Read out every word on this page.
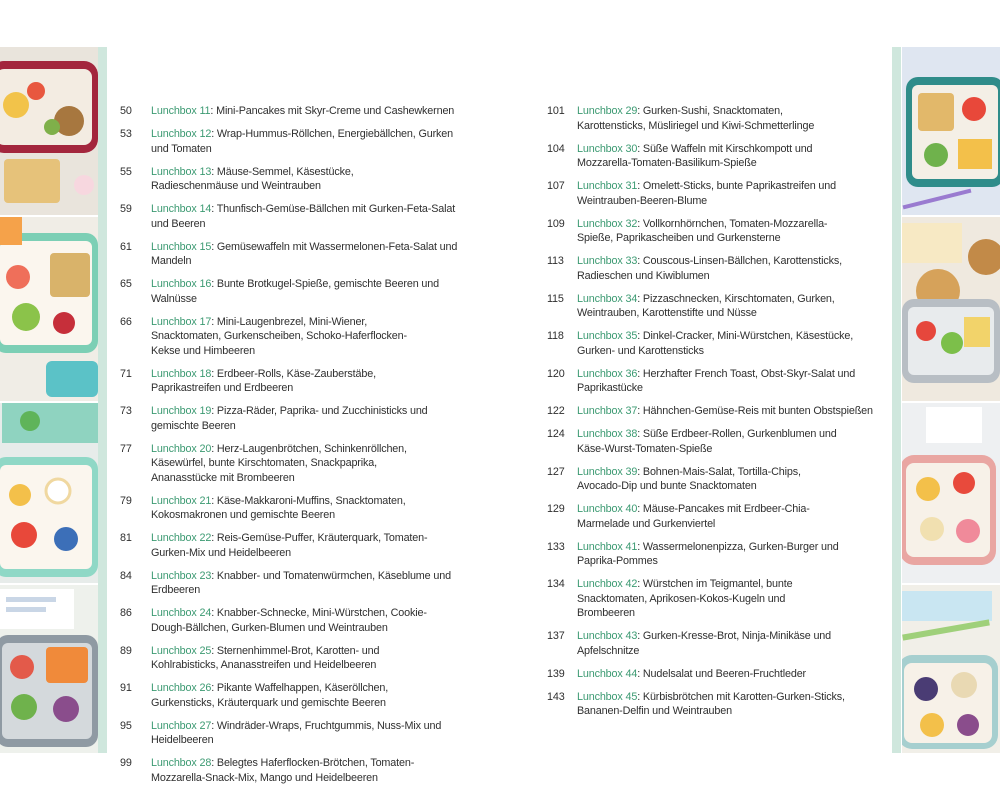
50	Lunchbox 11: Mini-Pancakes mit Skyr-Creme und Cashewkernen
53	Lunchbox 12: Wrap-Hummus-Röllchen, Energiebällchen, Gurken und Tomaten
55	Lunchbox 13: Mäuse-Semmel, Käsestücke, Radieschenmäuse und Weintrauben
59	Lunchbox 14: Thunfisch-Gemüse-Bällchen mit Gurken-Feta-Salat und Beeren
61	Lunchbox 15: Gemüsewaffeln mit Wassermelonen-Feta-Salat und Mandeln
65	Lunchbox 16: Bunte Brotkugel-Spieße, gemischte Beeren und Walnüsse
66	Lunchbox 17: Mini-Laugenbrezel, Mini-Wiener, Snacktomaten, Gurkenscheiben, Schoko-Haferflocken-Kekse und Himbeeren
71	Lunchbox 18: Erdbeer-Rolls, Käse-Zauberstäbe, Paprikastreifen und Erdbeeren
73	Lunchbox 19: Pizza-Räder, Paprika- und Zucchinisticks und gemischte Beeren
77	Lunchbox 20: Herz-Laugenbrötchen, Schinkenröllchen, Käsewürfel, bunte Kirschtomaten, Snackpaprika, Ananasstücke mit Brombeeren
79	Lunchbox 21: Käse-Makkaroni-Muffins, Snacktomaten, Kokosmakronen und gemischte Beeren
81	Lunchbox 22: Reis-Gemüse-Puffer, Kräuterquark, Tomaten-Gurken-Mix und Heidelbeeren
84	Lunchbox 23: Knabber- und Tomatenwürmchen, Käseblume und Erdbeeren
86	Lunchbox 24: Knabber-Schnecke, Mini-Würstchen, Cookie-Dough-Bällchen, Gurken-Blumen und Weintrauben
89	Lunchbox 25: Sternenhimmel-Brot, Karotten- und Kohlrabisticks, Ananasstreifen und Heidelbeeren
91	Lunchbox 26: Pikante Waffelhappen, Käseröllchen, Gurkensticks, Kräuterquark und gemischte Beeren
95	Lunchbox 27: Windräder-Wraps, Fruchtgummis, Nuss-Mix und Heidelbeeren
99	Lunchbox 28: Belegtes Haferflocken-Brötchen, Tomaten-Mozzarella-Snack-Mix, Mango und Heidelbeeren
101	Lunchbox 29: Gurken-Sushi, Snacktomaten, Karottensticks, Müsliriegel und Kiwi-Schmetterlinge
104	Lunchbox 30: Süße Waffeln mit Kirschkompott und Mozzarella-Tomaten-Basilikum-Spieße
107	Lunchbox 31: Omelett-Sticks, bunte Paprikastreifen und Weintrauben-Beeren-Blume
109	Lunchbox 32: Vollkornhörnchen, Tomaten-Mozzarella-Spieße, Paprikascheiben und Gurkensterne
113	Lunchbox 33: Couscous-Linsen-Bällchen, Karottensticks, Radieschen und Kiwiblumen
115	Lunchbox 34: Pizzaschnecken, Kirschtomaten, Gurken, Weintrauben, Karottenstifte und Nüsse
118	Lunchbox 35: Dinkel-Cracker, Mini-Würstchen, Käsestücke, Gurken- und Karottensticks
120	Lunchbox 36: Herzhafter French Toast, Obst-Skyr-Salat und Paprikastücke
122	Lunchbox 37: Hähnchen-Gemüse-Reis mit bunten Obstspießen
124	Lunchbox 38: Süße Erdbeer-Rollen, Gurkenblumen und Käse-Wurst-Tomaten-Spieße
127	Lunchbox 39: Bohnen-Mais-Salat, Tortilla-Chips, Avocado-Dip und bunte Snacktomaten
129	Lunchbox 40: Mäuse-Pancakes mit Erdbeer-Chia-Marmelade und Gurkenviertel
133	Lunchbox 41: Wassermelonenpizza, Gurken-Burger und Paprika-Pommes
134	Lunchbox 42: Würstchen im Teigmantel, bunte Snacktomaten, Aprikosen-Kokos-Kugeln und Brombeeren
137	Lunchbox 43: Gurken-Kresse-Brot, Ninja-Minikäse und Apfelschnitze
139	Lunchbox 44: Nudelsalat und Beeren-Fruchtleder
143	Lunchbox 45: Kürbisbrötchen mit Karotten-Gurken-Sticks, Bananen-Delfin und Weintrauben
